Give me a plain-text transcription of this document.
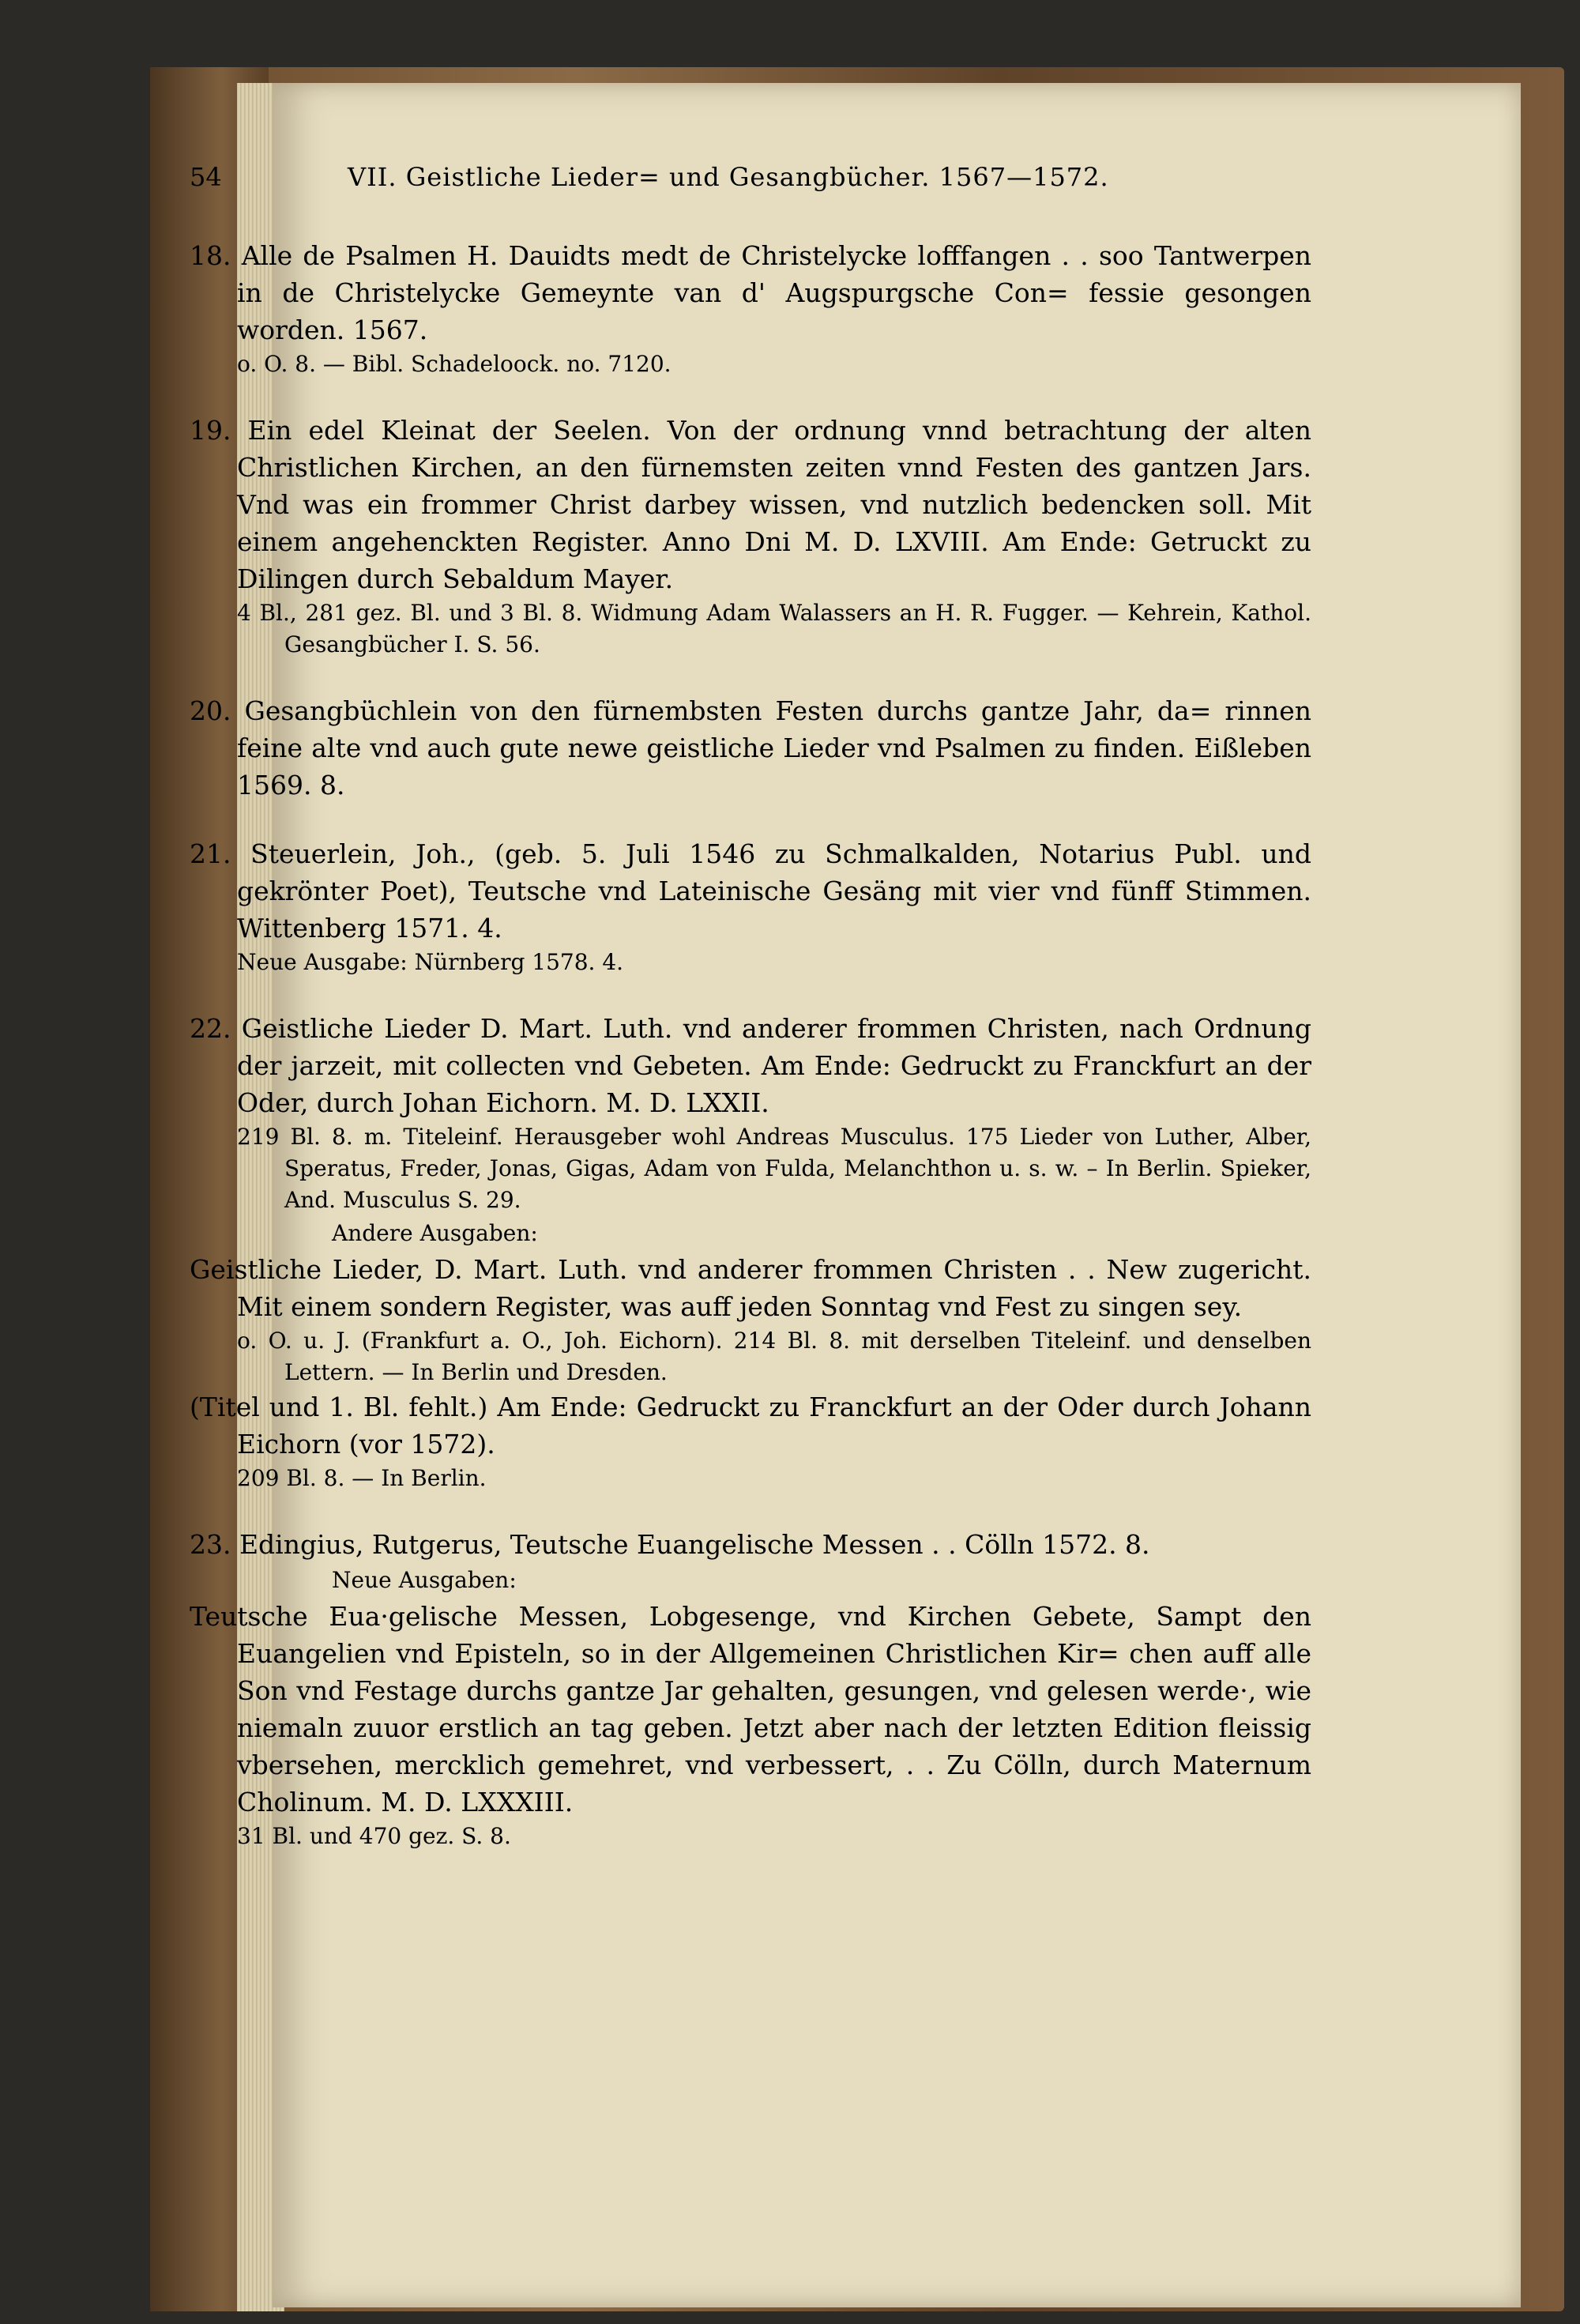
54	VII. Geistliche Lieder= und Gesangbücher. 1567—1572.

18. Alle de Psalmen H. Dauidts medt de Christelycke lofffangen . . soo Tantwerpen in de Christelycke Gemeynte van d' Augspurgsche Con= fessie gesongen worden. 1567.

o. O. 8. — Bibl. Schadeloock. no. 7120.

19. Ein edel Kleinat der Seelen. Von der ordnung vnnd betrachtung der alten Christlichen Kirchen, an den fürnemsten zeiten vnnd Festen des gantzen Jars. Vnd was ein frommer Christ darbey wissen, vnd nutzlich bedencken soll. Mit einem angehenckten Register. Anno Dni M. D. LXVIII. Am Ende: Getruckt zu Dilingen durch Sebaldum Mayer.

4 Bl., 281 gez. Bl. und 3 Bl. 8. Widmung Adam Walassers an H. R. Fugger. — Kehrein, Kathol. Gesangbücher I. S. 56.

20. Gesangbüchlein von den fürnembsten Festen durchs gantze Jahr, da= rinnen feine alte vnd auch gute newe geistliche Lieder vnd Psalmen zu finden. Eißleben 1569. 8.

21. Steuerlein, Joh., (geb. 5. Juli 1546 zu Schmalkalden, Notarius Publ. und gekrönter Poet), Teutsche vnd Lateinische Gesäng mit vier vnd fünff Stimmen. Wittenberg 1571. 4.

Neue Ausgabe: Nürnberg 1578. 4.

22. Geistliche Lieder D. Mart. Luth. vnd anderer frommen Christen, nach Ordnung der jarzeit, mit collecten vnd Gebeten. Am Ende: Gedruckt zu Franckfurt an der Oder, durch Johan Eichorn. M. D. LXXII.

219 Bl. 8. m. Titeleinf. Herausgeber wohl Andreas Musculus. 175 Lieder von Luther, Alber, Speratus, Freder, Jonas, Gigas, Adam von Fulda, Melanchthon u. s. w. – In Berlin. Spieker, And. Musculus S. 29.

Andere Ausgaben:

Geistliche Lieder, D. Mart. Luth. vnd anderer frommen Christen . . New zugericht. Mit einem sondern Register, was auff jeden Sonntag vnd Fest zu singen sey.

o. O. u. J. (Frankfurt a. O., Joh. Eichorn). 214 Bl. 8. mit derselben Titeleinf. und denselben Lettern. — In Berlin und Dresden.

(Titel und 1. Bl. fehlt.) Am Ende: Gedruckt zu Franckfurt an der Oder durch Johann Eichorn (vor 1572).

209 Bl. 8. — In Berlin.

23. Edingius, Rutgerus, Teutsche Euangelische Messen . . Cölln 1572. 8.

Neue Ausgaben:

Teutsche Eua·gelische Messen, Lobgesenge, vnd Kirchen Gebete, Sampt den Euangelien vnd Episteln, so in der Allgemeinen Christlichen Kir= chen auff alle Son vnd Festage durchs gantze Jar gehalten, gesungen, vnd gelesen werde·, wie niemaln zuuor erstlich an tag geben. Jetzt aber nach der letzten Edition fleissig vbersehen, mercklich gemehret, vnd verbessert, . . Zu Cölln, durch Maternum Cholinum. M. D. LXXXIII.

31 Bl. und 470 gez. S. 8.
